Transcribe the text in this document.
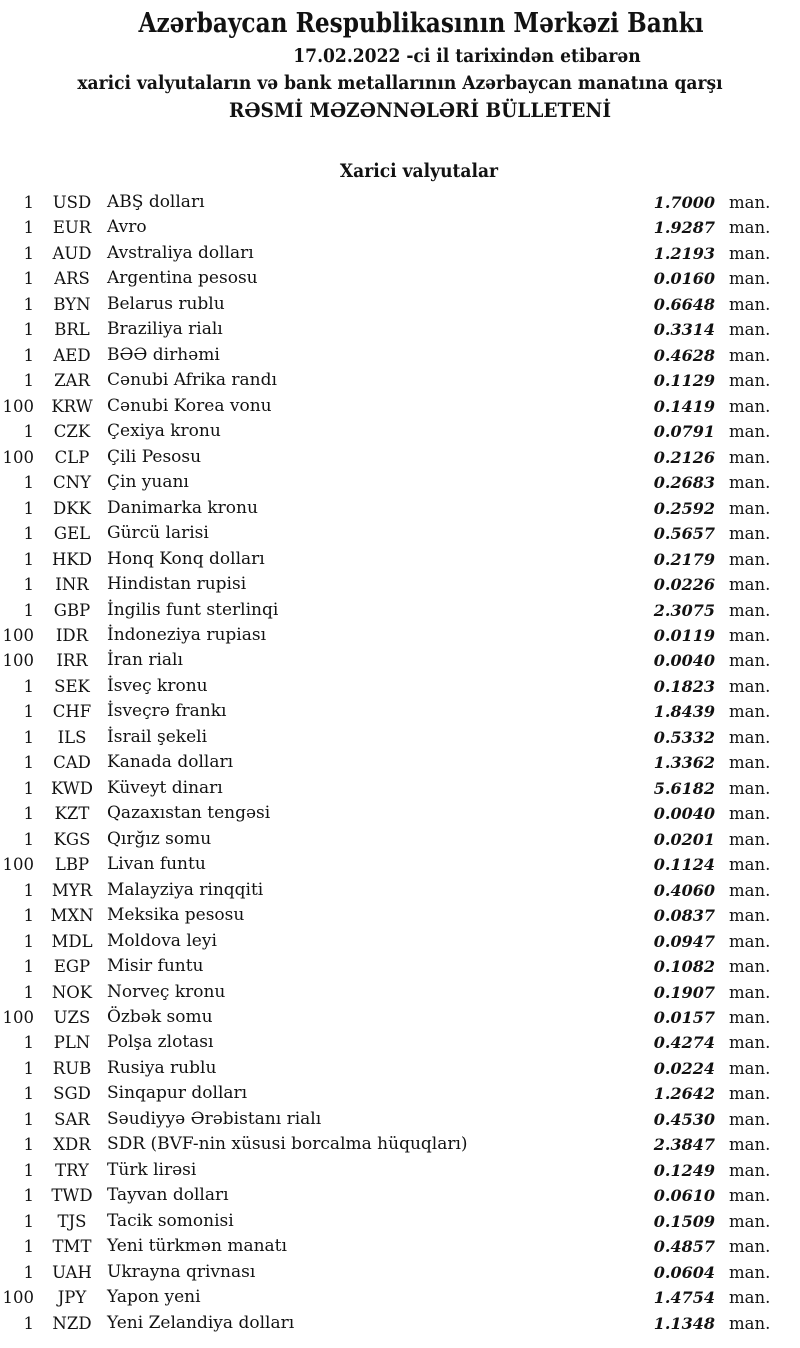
Azərbaycan Respublikasının Mərkəzi Bankı
17.02.2022 -ci il tarixindən etibarən
xarici valyutaların və bank metallarının Azərbaycan manatına qarşı
RƏSMİ MƏZƏNNƏLƏRİ BÜLLETENİ
Xarici valyutalar
1	USD ABŞ dolları	1.7000 man.
1	EUR Avro	1.9287 man.
1	AUD Avstraliya dolları	1.2193 man.
1	ARS	Argentina pesosu	0.0160 man.
1	BYN Belarus rublu	0.6648 man.
1	BRL	Braziliya rialı	0.3314 man.
1	AED BƏƏ dirhəmi	0.4628 man.
1	ZAR	Cənubi Afrika randı	0.1129 man.
100	KRW Cənubi Korea vonu	0.1419 man.
1	CZK Çexiya kronu	0.0791 man.
100	CLP	Çili Pesosu	0.2126 man.
1	CNY Çin yuanı	0.2683 man.
1	DKK Danimarka kronu	0.2592 man.
1	GEL Gürcü larisi	0.5657 man.
1	HKD Honq Konq dolları	0.2179 man.
1	INR	Hindistan rupisi	0.0226 man.
1	GBP İngilis funt sterlinqi	2.3075 man.
100	IDR	İndoneziya rupiası	0.0119 man.
100	IRR	İran rialı	0.0040 man.
1	SEK	İsveç kronu	0.1823 man.
1	CHF İsveçrə frankı	1.8439 man.
1	ILS	İsrail şekeli	0.5332 man.
1	CAD Kanada dolları	1.3362 man.
1	KWD Küveyt dinarı	5.6182 man.
1	KZT	Qazaxıstan tengəsi	0.0040 man.
1	KGS Qırğız somu	0.0201 man.
100	LBP	Livan funtu	0.1124 man.
1	MYR Malayziya rinqqiti	0.4060 man.
1 MXN Meksika pesosu	0.0837 man.
1	MDL Moldova leyi	0.0947 man.
1	EGP Misir funtu	0.1082 man.
1	NOK Norveç kronu	0.1907 man.
100	UZS Özbək somu	0.0157 man.
1	PLN Polşa zlotası	0.4274 man.
1	RUB Rusiya rublu	0.0224 man.
1	SGD Sinqapur dolları	1.2642 man.
1	SAR	Səudiyyə Ərəbistanı rialı	0.4530 man.
1	XDR SDR (BVF-nin xüsusi borcalma hüquqları)	2.3847 man.
1	TRY	Türk lirəsi	0.1249 man.
1	TWD Tayvan dolları	0.0610 man.
1	TJS	Tacik somonisi	0.1509 man.
1	TMT Yeni türkmən manatı	0.4857 man.
1	UAH Ukrayna qrivnası	0.0604 man.
100	JPY	Yapon yeni	1.4754 man.
1	NZD Yeni Zelandiya dolları	1.1348 man.
